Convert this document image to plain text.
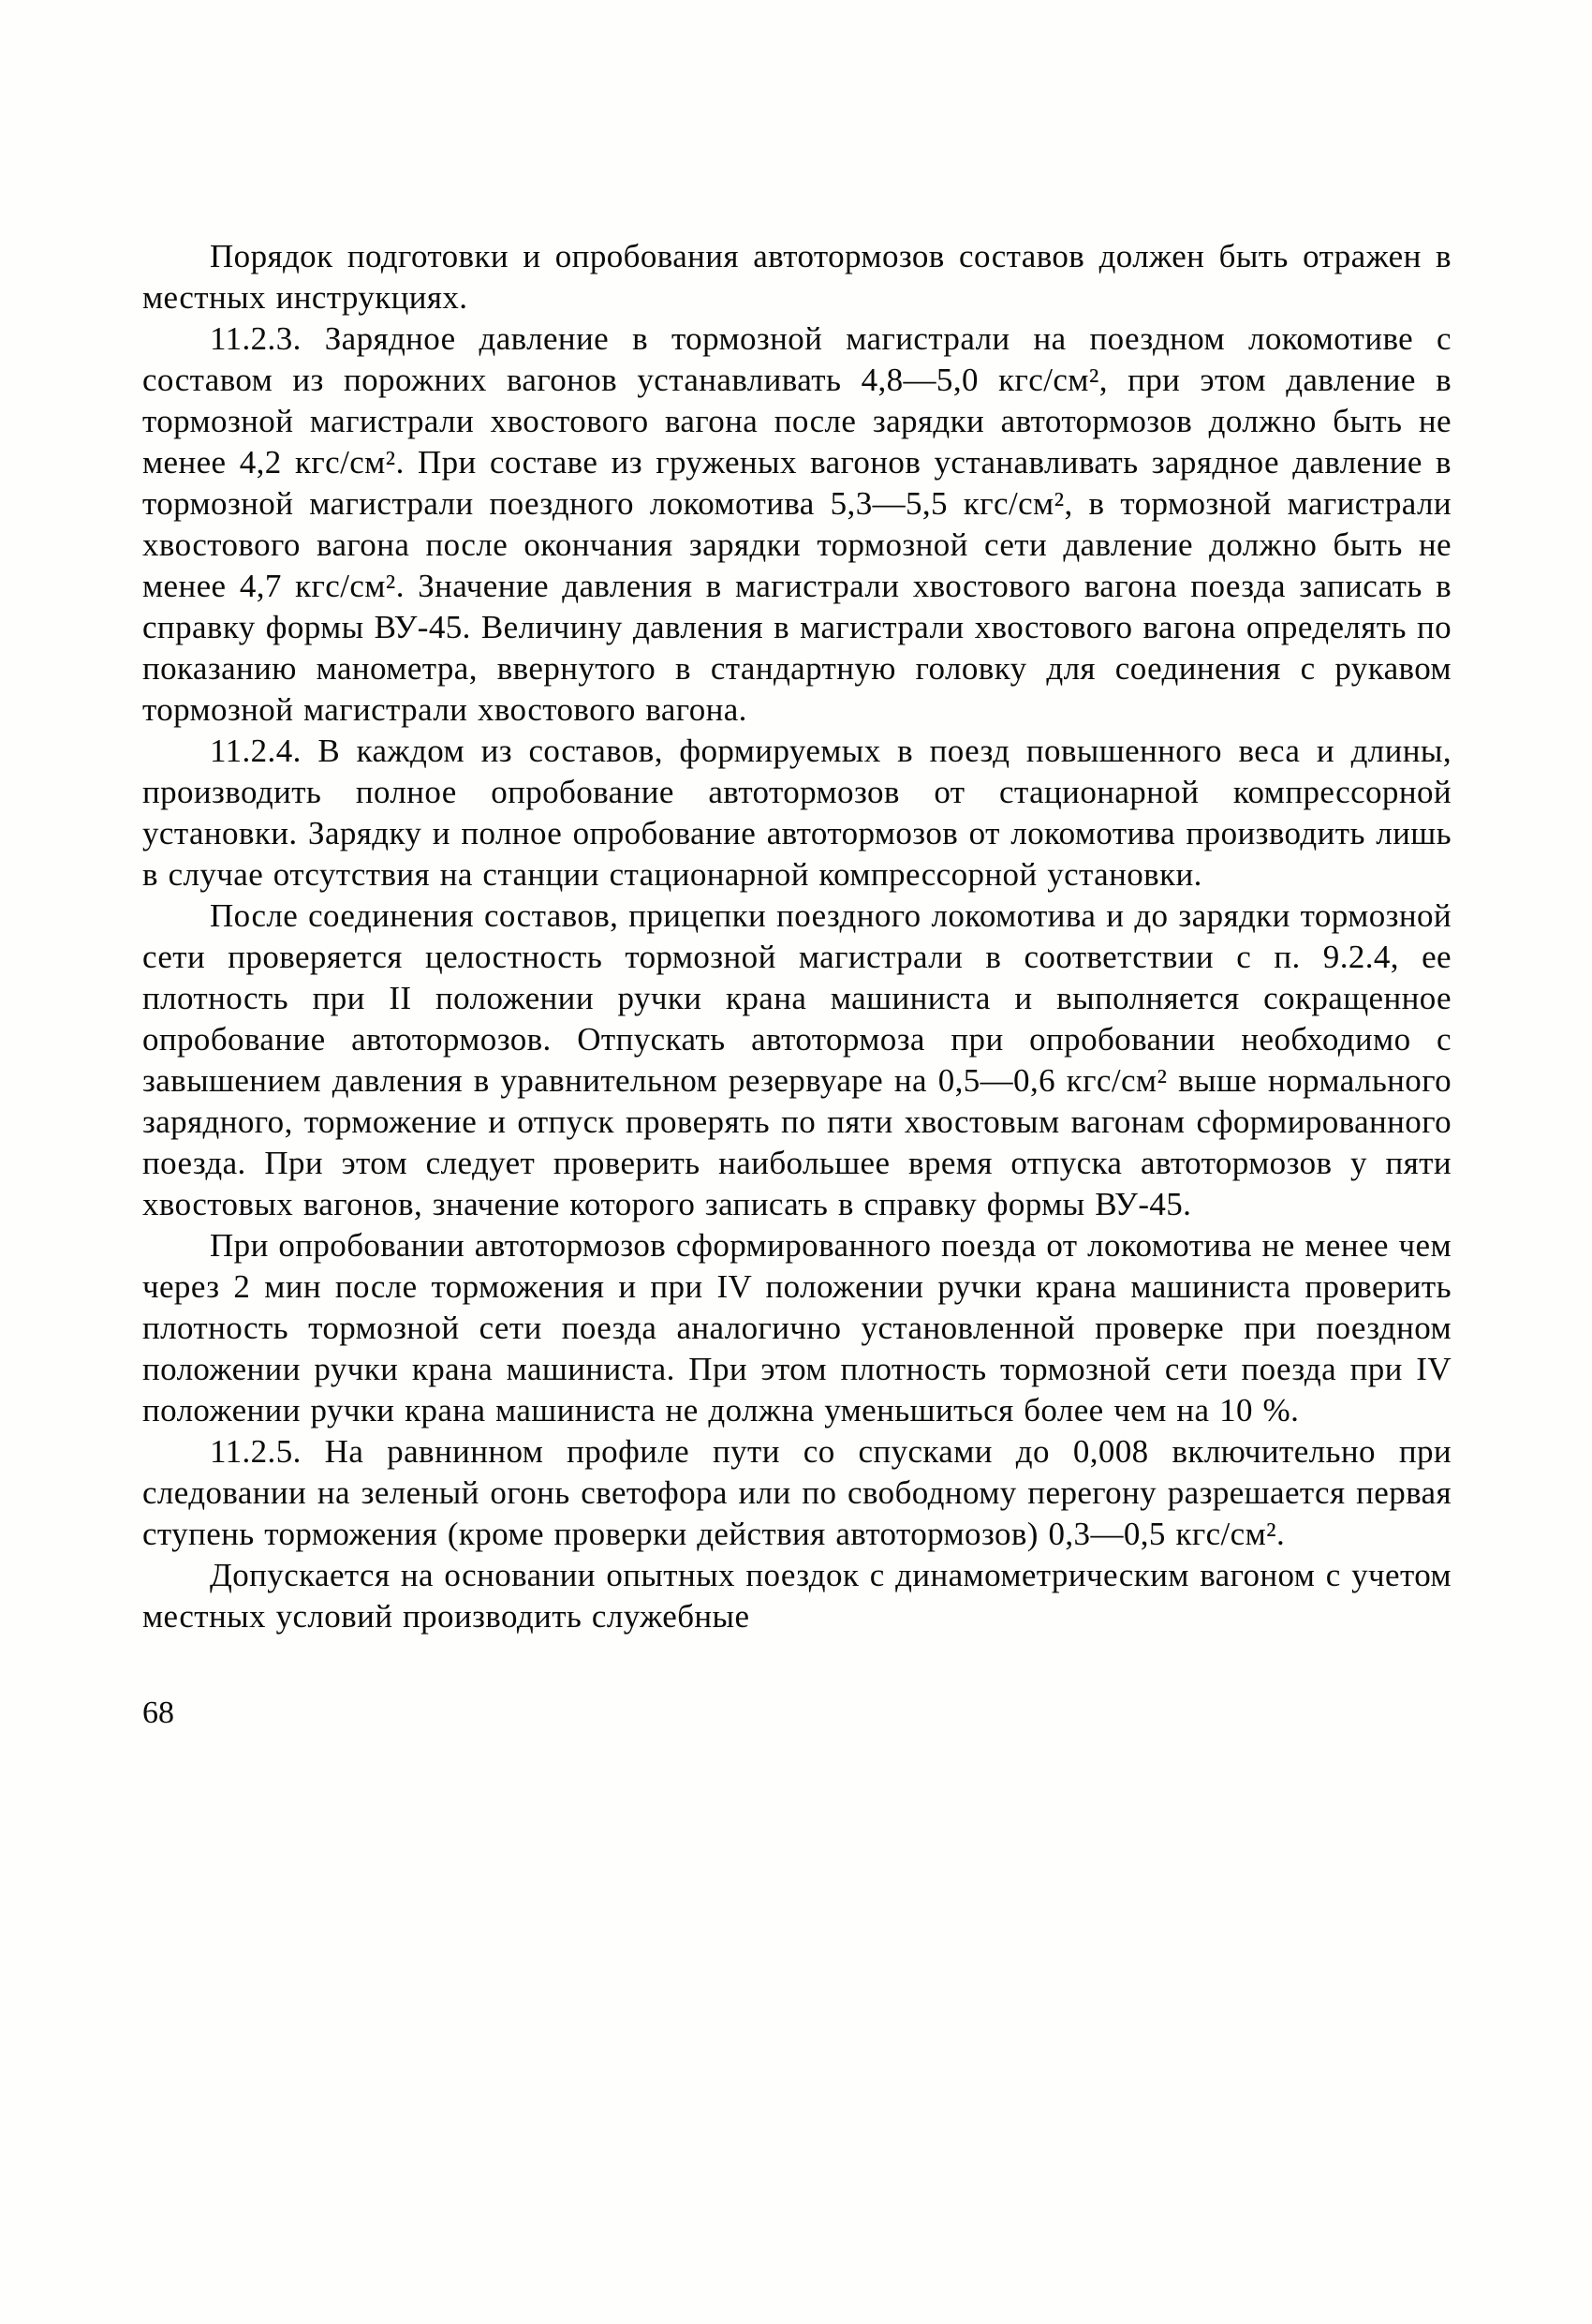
Порядок подготовки и опробования автотормозов составов должен быть отражен в местных инструкциях.

11.2.3. Зарядное давление в тормозной магистрали на поездном локомотиве с составом из порожних вагонов устанавливать 4,8—5,0 кгс/см², при этом давление в тормозной магистрали хвостового вагона после зарядки автотормозов должно быть не менее 4,2 кгс/см². При составе из груженых вагонов устанавливать зарядное давление в тормозной магистрали поездного локомотива 5,3—5,5 кгс/см², в тормозной магистрали хвостового вагона после окончания зарядки тормозной сети давление должно быть не менее 4,7 кгс/см². Значение давления в магистрали хвостового вагона поезда записать в справку формы ВУ-45. Величину давления в магистрали хвостового вагона определять по показанию манометра, ввернутого в стандартную головку для соединения с рукавом тормозной магистрали хвостового вагона.

11.2.4. В каждом из составов, формируемых в поезд повышенного веса и длины, производить полное опробование автотормозов от стационарной компрессорной установки. Зарядку и полное опробование автотормозов от локомотива производить лишь в случае отсутствия на станции стационарной компрессорной установки.

После соединения составов, прицепки поездного локомотива и до зарядки тормозной сети проверяется целостность тормозной магистрали в соответствии с п. 9.2.4, ее плотность при II положении ручки крана машиниста и выполняется сокращенное опробование автотормозов. Отпускать автотормоза при опробовании необходимо с завышением давления в уравнительном резервуаре на 0,5—0,6 кгс/см² выше нормального зарядного, торможение и отпуск проверять по пяти хвостовым вагонам сформированного поезда. При этом следует проверить наибольшее время отпуска автотормозов у пяти хвостовых вагонов, значение которого записать в справку формы ВУ-45.

При опробовании автотормозов сформированного поезда от локомотива не менее чем через 2 мин после торможения и при IV положении ручки крана машиниста проверить плотность тормозной сети поезда аналогично установленной проверке при поездном положении ручки крана машиниста. При этом плотность тормозной сети поезда при IV положении ручки крана машиниста не должна уменьшиться более чем на 10 %.

11.2.5. На равнинном профиле пути со спусками до 0,008 включительно при следовании на зеленый огонь светофора или по свободному перегону разрешается первая ступень торможения (кроме проверки действия автотормозов) 0,3—0,5 кгс/см².

Допускается на основании опытных поездок с динамометрическим вагоном с учетом местных условий производить служебные

68
